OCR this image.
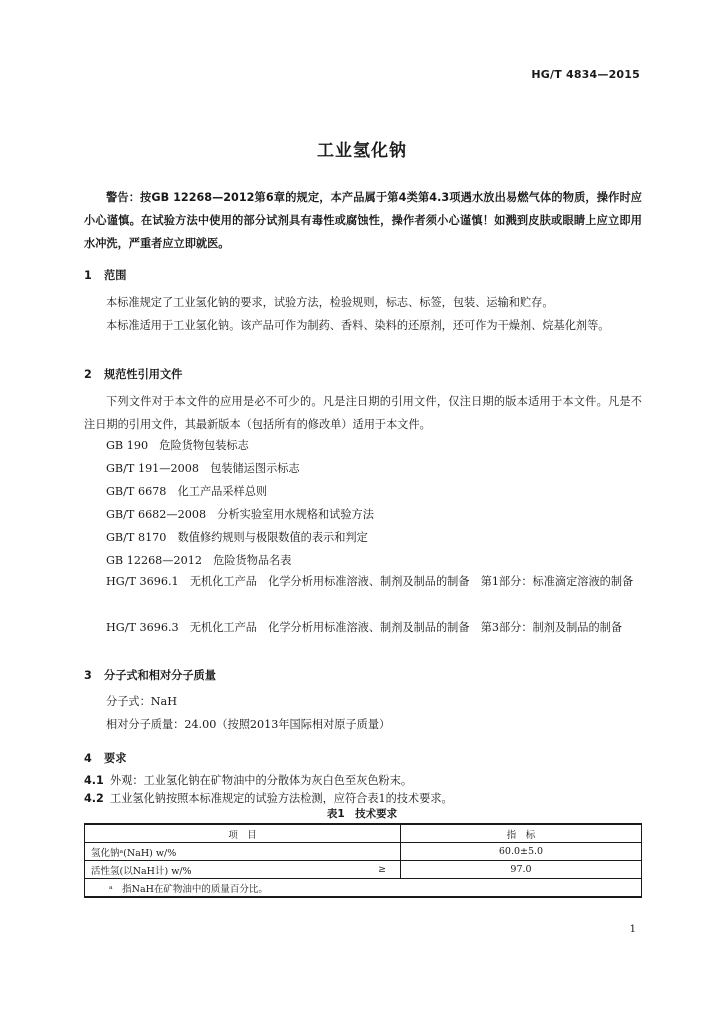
HG/T 4834—2015
工业氢化钠

警告：按GB 12268—2012第6章的规定，本产品属于第4类第4.3项遇水放出易燃气体的物质，操作时应小心谨慎。在试验方法中使用的部分试剂具有毒性或腐蚀性，操作者须小心谨慎！如溅到皮肤或眼睛上应立即用水冲洗，严重者应立即就医。

1 范围

本标准规定了工业氢化钠的要求，试验方法，检验规则，标志、标签，包装、运输和贮存。

本标准适用于工业氢化钠。该产品可作为制药、香料、染料的还原剂，还可作为干燥剂、烷基化剂等。

2 规范性引用文件

下列文件对于本文件的应用是必不可少的。凡是注日期的引用文件，仅注日期的版本适用于本文件。凡是不注日期的引用文件，其最新版本（包括所有的修改单）适用于本文件。

GB 190　危险货物包装标志
GB/T 191—2008　包装储运图示标志
GB/T 6678　化工产品采样总则
GB/T 6682—2008　分析实验室用水规格和试验方法
GB/T 8170　数值修约规则与极限数值的表示和判定
GB 12268—2012　危险货物品名表

HG/T 3696.1　无机化工产品　化学分析用标准溶液、制剂及制品的制备　第1部分：标准滴定溶液的制备

HG/T 3696.3　无机化工产品　化学分析用标准溶液、制剂及制品的制备　第3部分：制剂及制品的制备

3 分子式和相对分子质量
分子式：NaH
相对分子质量：24.00（按照2013年国际相对原子质量）
4 要求

4.1 外观：工业氢化钠在矿物油中的分散体为灰白色至灰色粉末。

4.2 工业氢化钠按照本标准规定的试验方法检测，应符合表1的技术要求。

表1　技术要求
项　目		指　标
氢化钠ᵃ(NaH) w/%		60.0±5.0
活性氢(以NaH计) w/%	≥	97.0
ᵃ　指NaH在矿物油中的质量百分比。		
1
